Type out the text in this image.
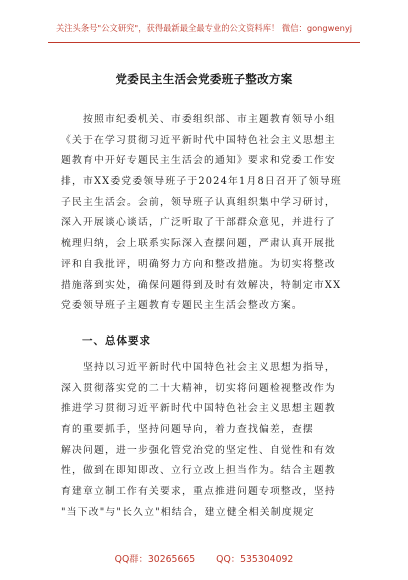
关注头条号"公文研究"，获得最新最全最专业的公文资料库！ 微信：gongwenyj
党委民主生活会党委班子整改方案
　　按照市纪委机关、市委组织部、市主题教育领导小组
《关于在学习贯彻习近平新时代中国特色社会主义思想主
题教育中开好专题民主生活会的通知》要求和党委工作安
排，市XX委党委领导班子于2024年1月8日召开了领导班
子民主生活会。会前，领导班子认真组织集中学习研讨，
深入开展谈心谈话，广泛听取了干部群众意见，并进行了
梳理归纳，会上联系实际深入查摆问题，严肃认真开展批
评和自我批评，明确努力方向和整改措施。为切实将整改
措施落到实处，确保问题得到及时有效解决，特制定市XX
党委领导班子主题教育专题民主生活会整改方案。
一、总体要求
　　坚持以习近平新时代中国特色社会主义思想为指导，
深入贯彻落实党的二十大精神，切实将问题检视整改作为
推进学习贯彻习近平新时代中国特色社会主义思想主题教
育的重要抓手，坚持问题导向，着力查找偏差，查摆
解决问题，进一步强化管党治党的坚定性、自觉性和有效
性，做到在即知即改、立行立改上担当作为。结合主题教
育建章立制工作有关要求，重点推进问题专项整改，坚持
"当下改"与"长久立"相结合，建立健全相关制度规定
QQ群：30265665 QQ：535304092
